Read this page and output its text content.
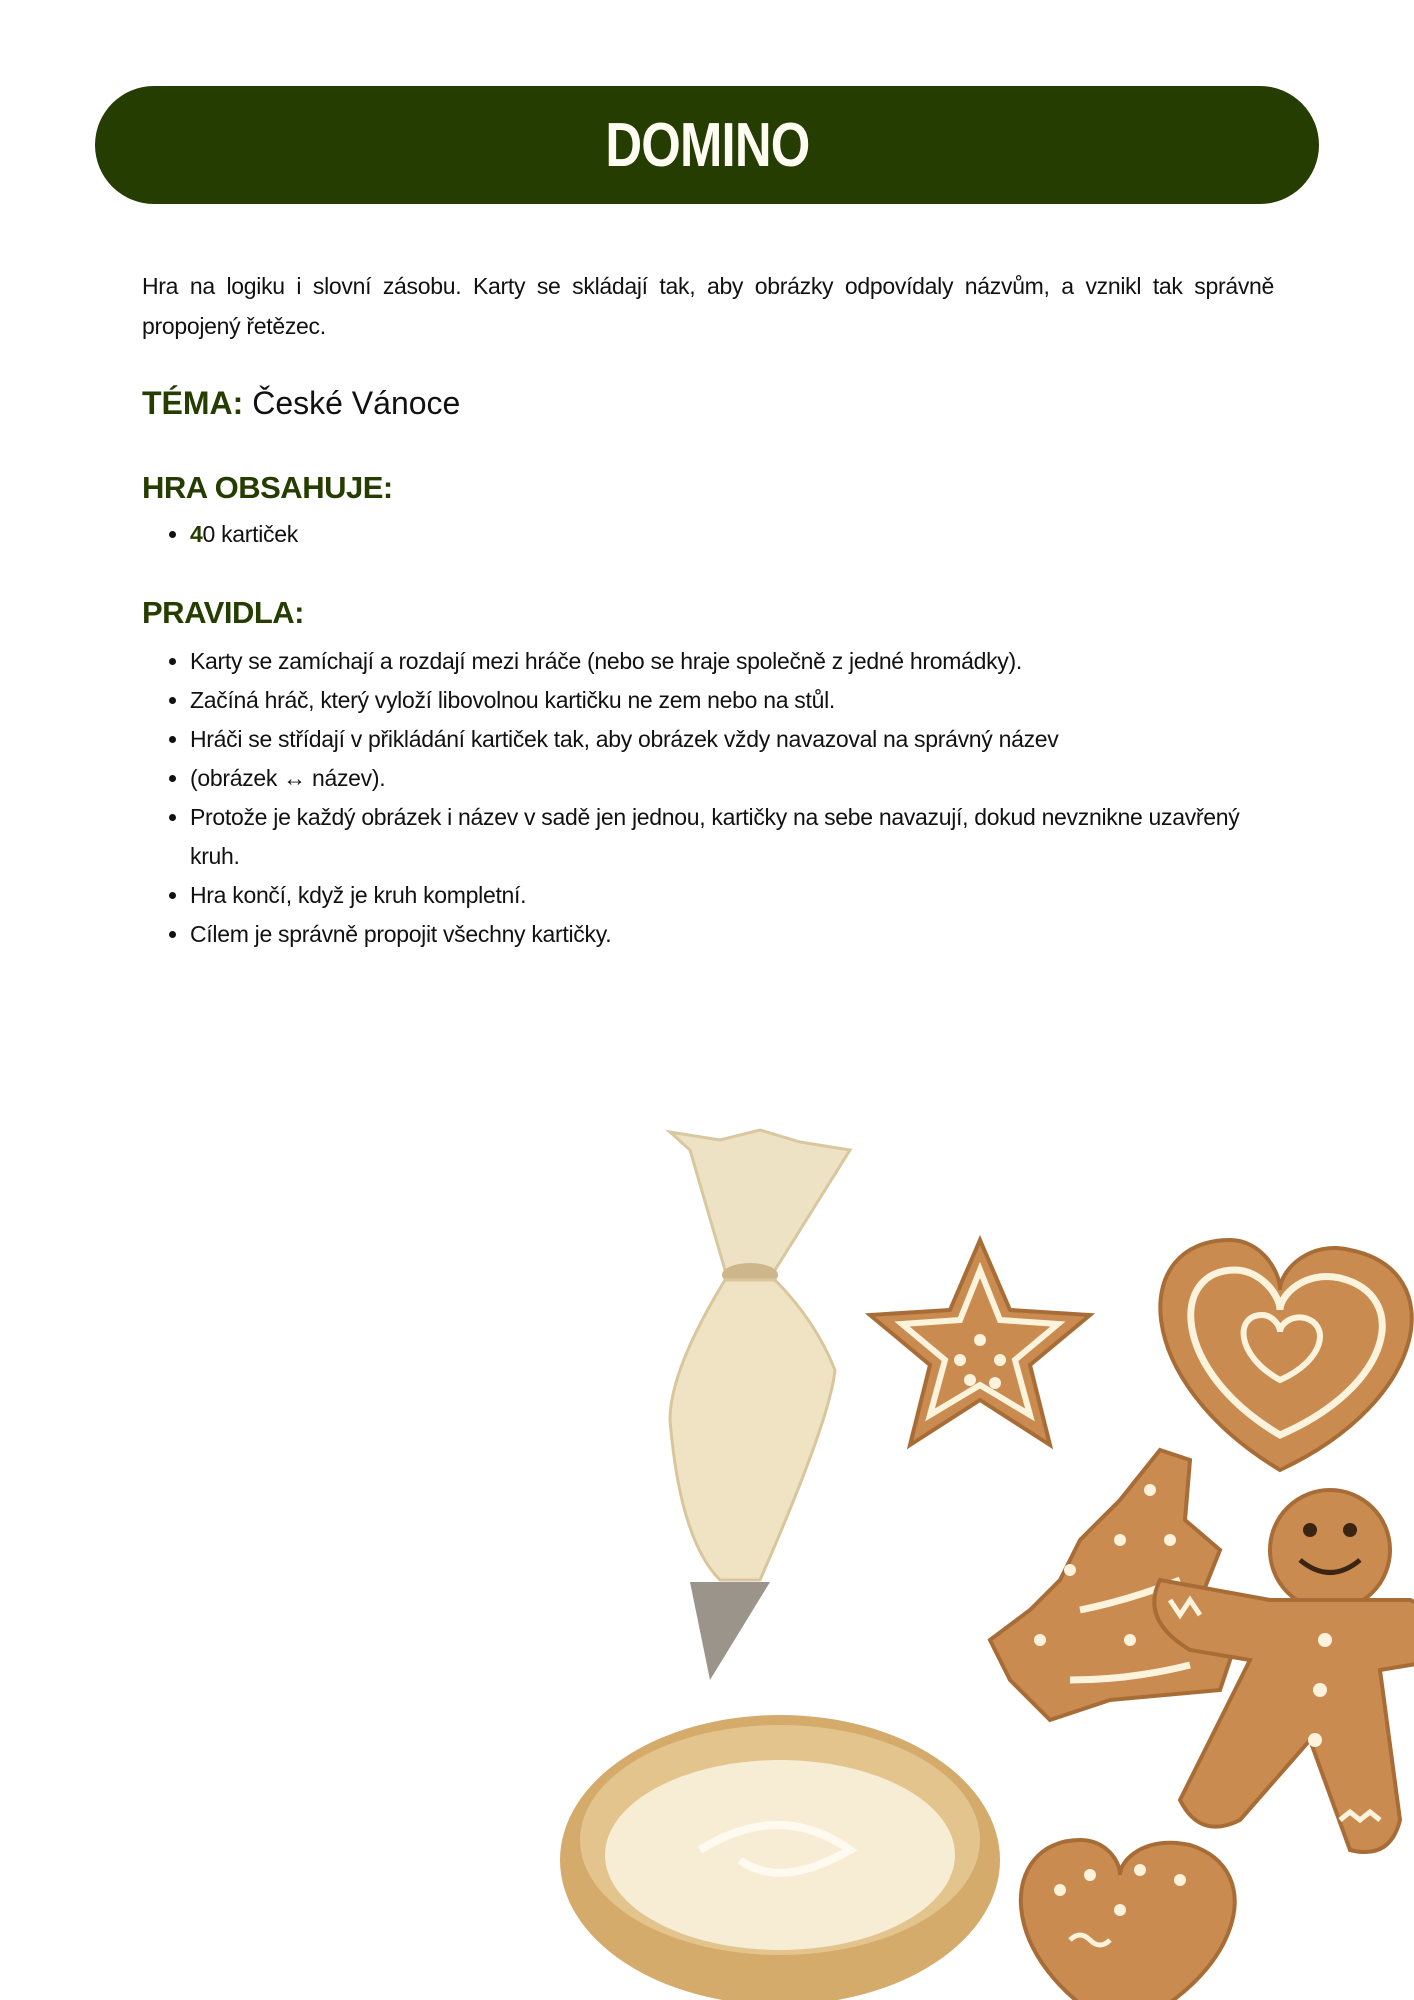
DOMINO

Hra na logiku i slovní zásobu. Karty se skládají tak, aby obrázky odpovídaly názvům, a vznikl tak správně propojený řetězec.

TÉMA: České Vánoce

HRA OBSAHUJE:
• 40 kartiček
PRAVIDLA:
• Karty se zamíchají a rozdají mezi hráče (nebo se hraje společně z jedné hromádky).
• Začíná hráč, který vyloží libovolnou kartičku ne zem nebo na stůl.
• Hráči se střídají v přikládání kartiček tak, aby obrázek vždy navazoval na správný název
• (obrázek ↔ název).
• Protože je každý obrázek i název v sadě jen jednou, kartičky na sebe navazují, dokud nevznikne uzavřený kruh.
• Hra končí, když je kruh kompletní.
• Cílem je správně propojit všechny kartičky.
